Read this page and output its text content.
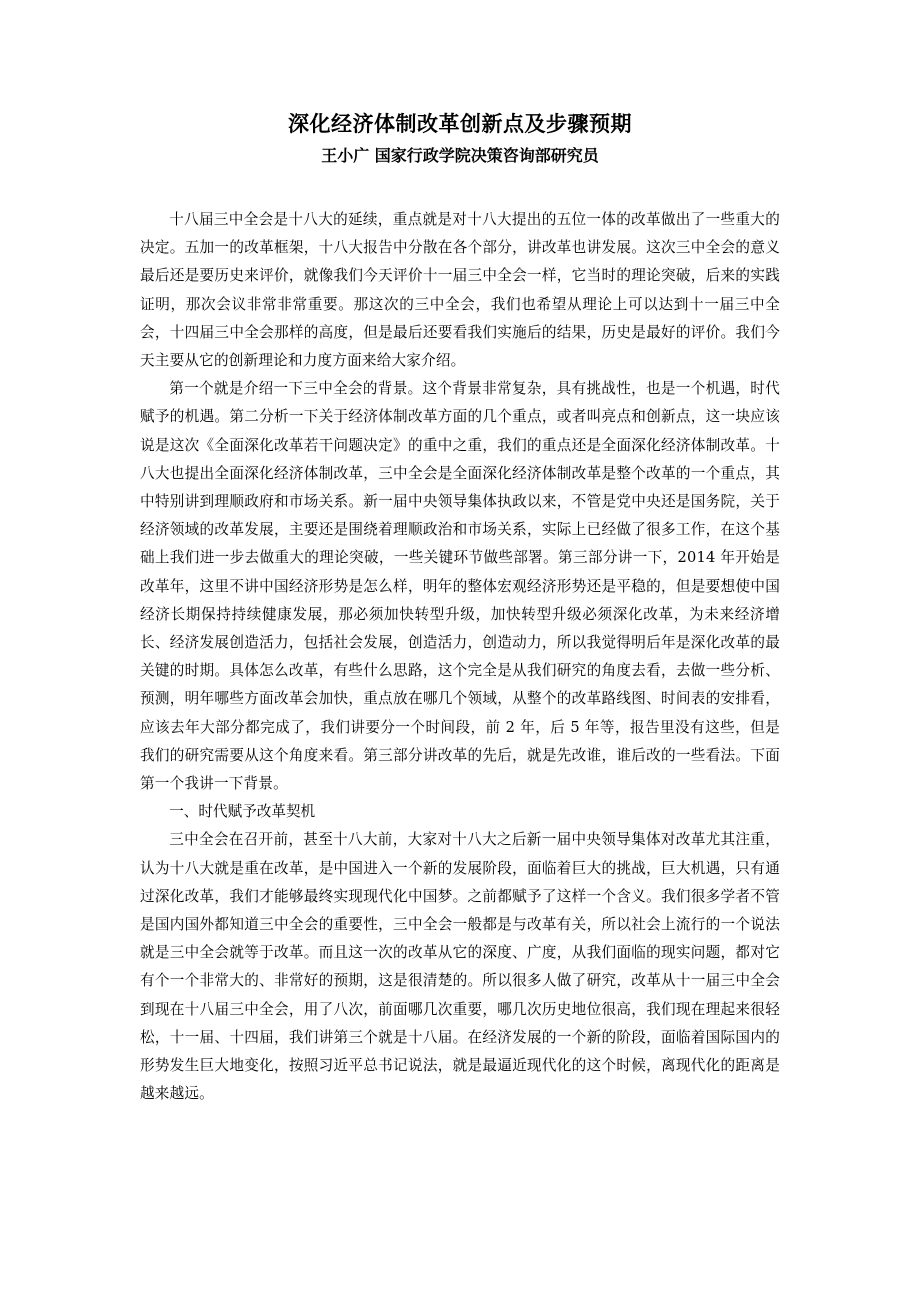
深化经济体制改革创新点及步骤预期
王小广 国家行政学院决策咨询部研究员

十八届三中全会是十八大的延续，重点就是对十八大提出的五位一体的改革做出了一些重大的决定。五加一的改革框架，十八大报告中分散在各个部分，讲改革也讲发展。这次三中全会的意义最后还是要历史来评价，就像我们今天评价十一届三中全会一样，它当时的理论突破，后来的实践证明，那次会议非常非常重要。那这次的三中全会，我们也希望从理论上可以达到十一届三中全会，十四届三中全会那样的高度，但是最后还要看我们实施后的结果，历史是最好的评价。我们今天主要从它的创新理论和力度方面来给大家介绍。

第一个就是介绍一下三中全会的背景。这个背景非常复杂，具有挑战性，也是一个机遇，时代赋予的机遇。第二分析一下关于经济体制改革方面的几个重点，或者叫亮点和创新点，这一块应该说是这次《全面深化改革若干问题决定》的重中之重，我们的重点还是全面深化经济体制改革。十八大也提出全面深化经济体制改革，三中全会是全面深化经济体制改革是整个改革的一个重点，其中特别讲到理顺政府和市场关系。新一届中央领导集体执政以来，不管是党中央还是国务院，关于经济领域的改革发展，主要还是围绕着理顺政治和市场关系，实际上已经做了很多工作，在这个基础上我们进一步去做重大的理论突破，一些关键环节做些部署。第三部分讲一下，2014 年开始是改革年，这里不讲中国经济形势是怎么样，明年的整体宏观经济形势还是平稳的，但是要想使中国经济长期保持持续健康发展，那必须加快转型升级，加快转型升级必须深化改革，为未来经济增长、经济发展创造活力，包括社会发展，创造活力，创造动力，所以我觉得明后年是深化改革的最关键的时期。具体怎么改革，有些什么思路，这个完全是从我们研究的角度去看，去做一些分析、预测，明年哪些方面改革会加快，重点放在哪几个领域，从整个的改革路线图、时间表的安排看，应该去年大部分都完成了，我们讲要分一个时间段，前 2 年，后 5 年等，报告里没有这些，但是我们的研究需要从这个角度来看。第三部分讲改革的先后，就是先改谁，谁后改的一些看法。下面第一个我讲一下背景。

一、时代赋予改革契机

三中全会在召开前，甚至十八大前，大家对十八大之后新一届中央领导集体对改革尤其注重，认为十八大就是重在改革，是中国进入一个新的发展阶段，面临着巨大的挑战，巨大机遇，只有通过深化改革，我们才能够最终实现现代化中国梦。之前都赋予了这样一个含义。我们很多学者不管是国内国外都知道三中全会的重要性，三中全会一般都是与改革有关，所以社会上流行的一个说法就是三中全会就等于改革。而且这一次的改革从它的深度、广度，从我们面临的现实问题，都对它有个一个非常大的、非常好的预期，这是很清楚的。所以很多人做了研究，改革从十一届三中全会到现在十八届三中全会，用了八次，前面哪几次重要，哪几次历史地位很高，我们现在理起来很轻松，十一届、十四届，我们讲第三个就是十八届。在经济发展的一个新的阶段，面临着国际国内的形势发生巨大地变化，按照习近平总书记说法，就是最逼近现代化的这个时候，离现代化的距离是越来越远。
